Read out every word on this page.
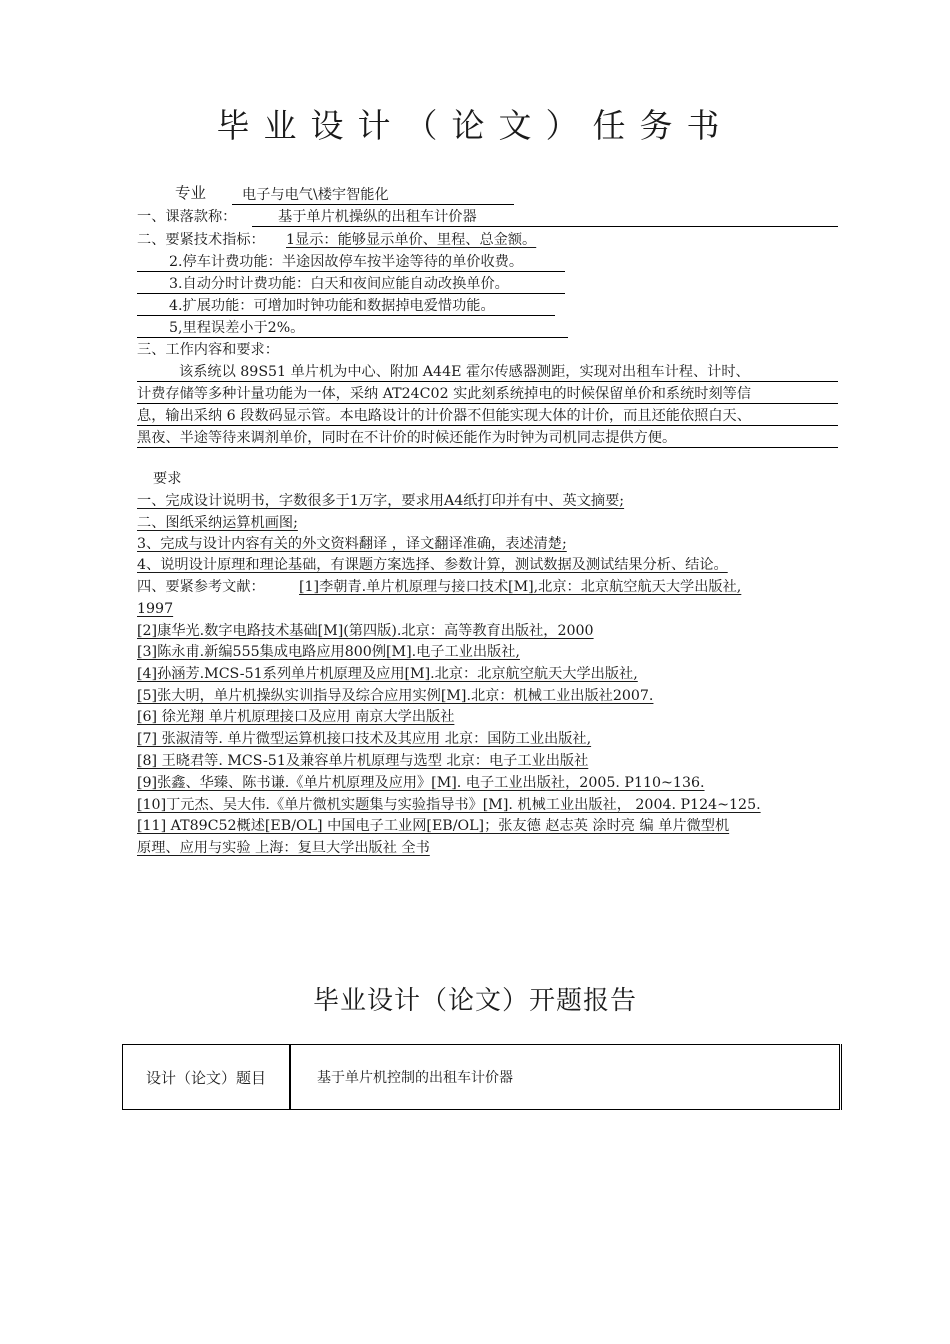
毕业设计（论文）任务书
专业	电子与电气\楼宇智能化
一、课落款称：	基于单片机操纵的出租车计价器
二、要紧技术指标： 1显示：能够显示单价、里程、总金额。
2.停车计费功能：半途因故停车按半途等待的单价收费。
3.自动分时计费功能：白天和夜间应能自动改换单价。
4.扩展功能：可增加时钟功能和数据掉电爱惜功能。
5,里程误差小于2%。
三、工作内容和要求：
该系统以 89S51 单片机为中心、附加 A44E 霍尔传感器测距，实现对出租车计程、计时、
计费存储等多种计量功能为一体，采纳 AT24C02 实此刻系统掉电的时候保留单价和系统时刻等信
息，输出采纳 6 段数码显示管。本电路设计的计价器不但能实现大体的计价，而且还能依照白天、
黑夜、半途等待来调剂单价，同时在不计价的时候还能作为时钟为司机同志提供方便。
要求
一、完成设计说明书，字数很多于1万字，要求用A4纸打印并有中、英文摘要;
二、图纸采纳运算机画图;
3、完成与设计内容有关的外文资料翻译 ，译文翻译准确，表述清楚;
4、说明设计原理和理论基础，有课题方案选择、参数计算，测试数据及测试结果分析、结论。
四、要紧参考文献： [1]李朝青.单片机原理与接口技术[M],北京：北京航空航天大学出版社,
1997
[2]康华光.数字电路技术基础[M](第四版).北京：高等教育出版社，2000
[3]陈永甫.新编555集成电路应用800例[M].电子工业出版社,
[4]孙涵芳.MCS-51系列单片机原理及应用[M].北京：北京航空航天大学出版社,
[5]张大明，单片机操纵实训指导及综合应用实例[M].北京：机械工业出版社2007.
[6] 徐光翔 单片机原理接口及应用 南京大学出版社
[7] 张淑清等. 单片微型运算机接口技术及其应用 北京：国防工业出版社,
[8] 王晓君等. MCS-51及兼容单片机原理与选型 北京：电子工业出版社
[9]张鑫、华臻、陈书谦.《单片机原理及应用》[M]. 电子工业出版社，2005. P110~136.
[10]丁元杰、吴大伟.《单片微机实题集与实验指导书》[M]. 机械工业出版社， 2004. P124~125.
[11] AT89C52概述[EB/OL] 中国电子工业网[EB/OL]；张友德 赵志英 涂时亮 编 单片微型机
原理、应用与实验 上海：复旦大学出版社 全书
毕业设计（论文）开题报告
设计（论文）题目	基于单片机控制的出租车计价器
